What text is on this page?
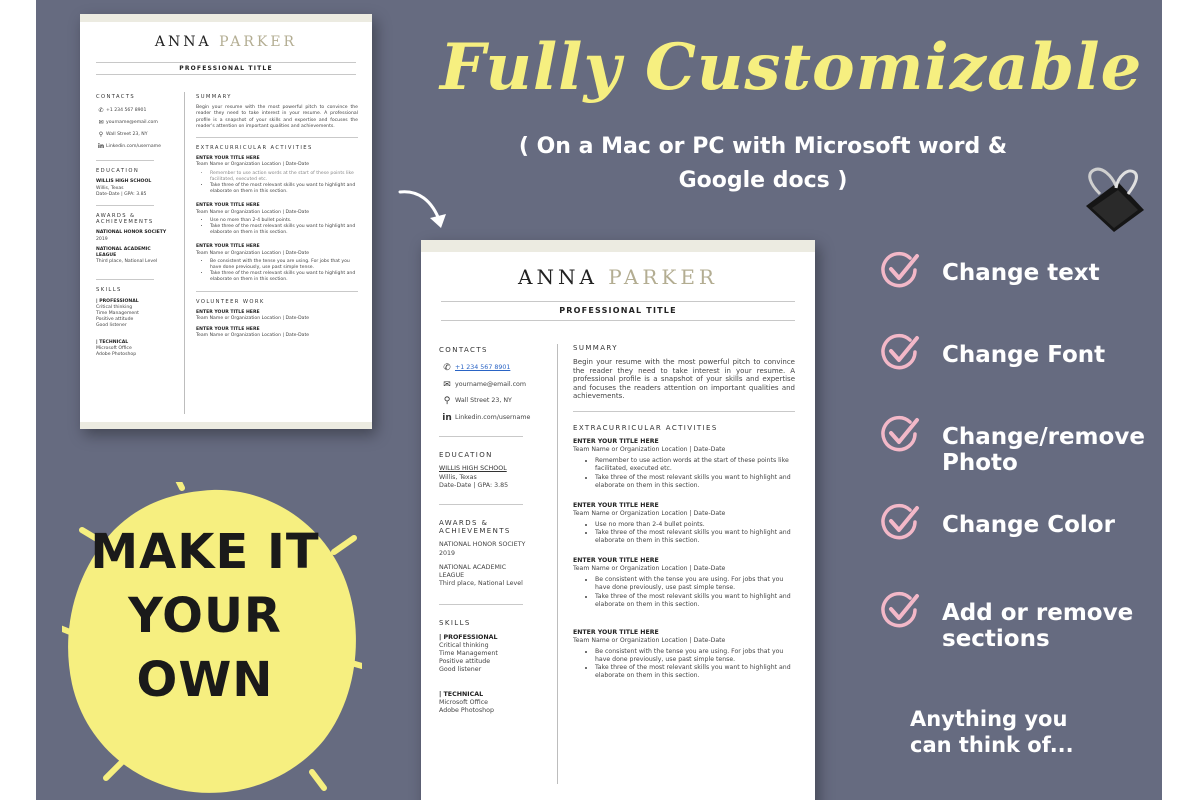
ANNA PARKER
PROFESSIONAL TITLE
CONTACTS
✆ +1 234 567 8901
✉ yourname@email.com
⚲ Wall Street 23, NY
in Linkedin.com/username
EDUCATION
WILLIS HIGH SCHOOL
Willis, Texas
Date-Date | GPA: 3.85
AWARDS & ACHIEVEMENTS
NATIONAL HONOR SOCIETY
2019
NATIONAL ACADEMIC LEAGUE
Third place, National Level
SKILLS
| PROFESSIONAL
Critical thinking
Time Management
Positive attitude
Good listener
| TECHNICAL
Microsoft Office
Adobe Photoshop
SUMMARY
Begin your resume with the most powerful pitch to convince the reader they need to take interest in your resume. A professional profile is a snapshot of your skills and expertise and focuses the reader's attention on important qualities and achievements.
EXTRACURRICULAR ACTIVITIES
ENTER YOUR TITLE HERE
Team Name or Organization Location | Date-Date
• Remember to use action words at the start of these points like facilitated, executed etc.
• Take three of the most relevant skills you want to highlight and elaborate on them in this section.
ENTER YOUR TITLE HERE
Team Name or Organization Location | Date-Date
• Use no more than 2-4 bullet points.
• Take three of the most relevant skills you want to highlight and elaborate on them in this section.
ENTER YOUR TITLE HERE
Team Name or Organization Location | Date-Date
• Be consistent with the tense you are using. For jobs that you have done previously, use past simple tense.
• Take three of the most relevant skills you want to highlight and elaborate on them in this section.
VOLUNTEER WORK
ENTER YOUR TITLE HERE
Team Name or Organization Location | Date-Date
ENTER YOUR TITLE HERE
Team Name or Organization Location | Date-Date
Fully Customizable
( On a Mac or PC with Microsoft word & Google docs )
MAKE IT
YOUR
OWN
ANNA PARKER
PROFESSIONAL TITLE
CONTACTS
✆ +1 234 567 8901
✉ yourname@email.com
⚲ Wall Street 23, NY
in Linkedin.com/username
EDUCATION
WILLIS HIGH SCHOOL
Willis, Texas
Date-Date | GPA: 3.85
AWARDS & ACHIEVEMENTS
NATIONAL HONOR SOCIETY
2019
NATIONAL ACADEMIC LEAGUE
Third place, National Level
SKILLS
| PROFESSIONAL
Critical thinking
Time Management
Positive attitude
Good listener
| TECHNICAL
Microsoft Office
Adobe Photoshop
SUMMARY
Begin your resume with the most powerful pitch to convince the reader they need to take interest in your resume. A professional profile is a snapshot of your skills and expertise and focuses the readers attention on important qualities and achievements.
EXTRACURRICULAR ACTIVITIES
ENTER YOUR TITLE HERE
Team Name or Organization Location | Date-Date
• Remember to use action words at the start of these points like facilitated, executed etc.
• Take three of the most relevant skills you want to highlight and elaborate on them in this section.
ENTER YOUR TITLE HERE
Team Name or Organization Location | Date-Date
• Use no more than 2-4 bullet points.
• Take three of the most relevant skills you want to highlight and elaborate on them in this section.
ENTER YOUR TITLE HERE
Team Name or Organization Location | Date-Date
• Be consistent with the tense you are using. For jobs that you have done previously, use past simple tense.
• Take three of the most relevant skills you want to highlight and elaborate on them in this section.
ENTER YOUR TITLE HERE
Team Name or Organization Location | Date-Date
• Be consistent with the tense you are using. For jobs that you have done previously, use past simple tense.
• Take three of the most relevant skills you want to highlight and elaborate on them in this section.
Change text
Change Font
Change/remove Photo
Change Color
Add or remove sections
Anything you can think of...
